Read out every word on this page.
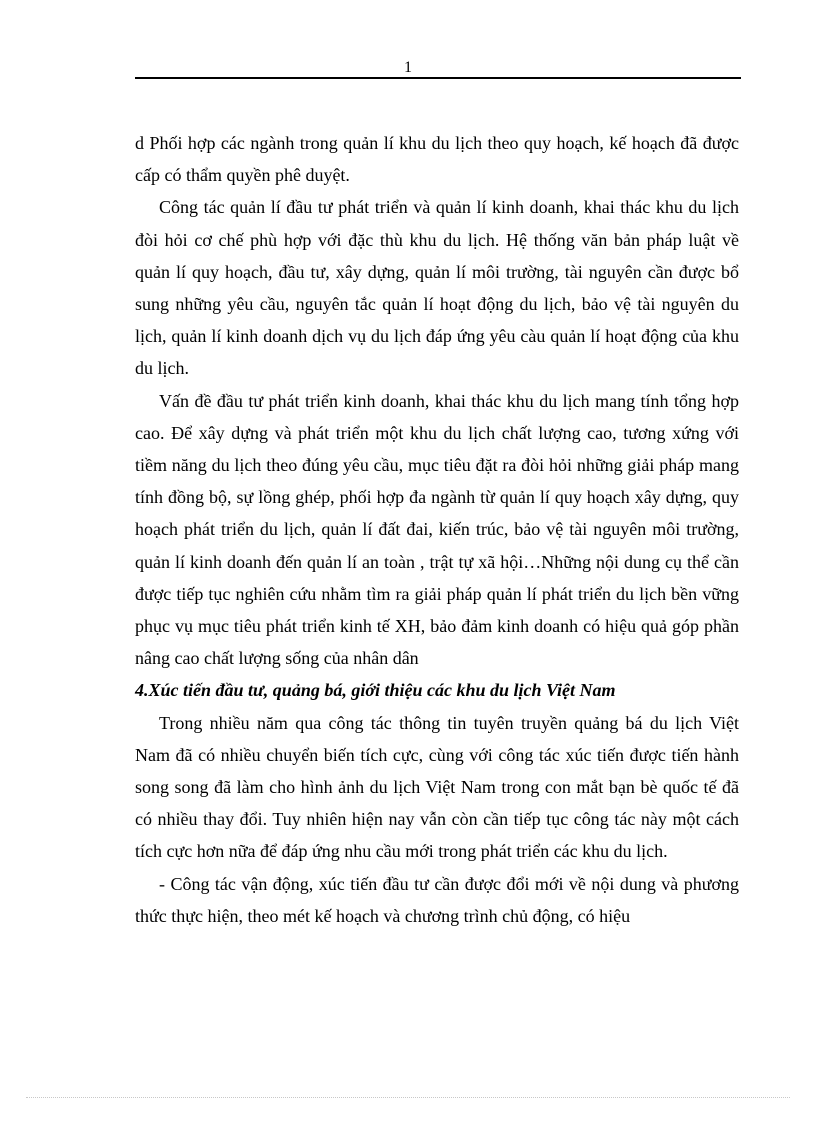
1

d Phối hợp các ngành trong quản lí khu du lịch theo quy hoạch, kế hoạch đã được cấp có thẩm quyền phê duyệt.

Công tác quản lí đầu tư phát triển và quản lí kinh doanh, khai thác khu du lịch đòi hỏi cơ chế phù hợp với đặc thù khu du lịch. Hệ thống văn bản pháp luật về quản lí quy hoạch, đầu tư, xây dựng, quản lí môi trường, tài nguyên cần được bổ sung những yêu cầu, nguyên tắc quản lí hoạt động du lịch, bảo vệ tài nguyên du lịch, quản lí kinh doanh dịch vụ du lịch đáp ứng yêu càu quản lí hoạt động của khu du lịch.

Vấn đề đầu tư phát triển kinh doanh, khai thác khu du lịch mang tính tổng hợp cao. Để xây dựng và phát triển một khu du lịch chất lượng cao, tương xứng với tiềm năng du lịch theo đúng yêu cầu, mục tiêu đặt ra đòi hỏi những giải pháp mang tính đồng bộ, sự lồng ghép, phối hợp đa ngành từ quản lí quy hoạch xây dựng, quy hoạch phát triển du lịch, quản lí đất đai, kiến trúc, bảo vệ tài nguyên môi trường, quản lí kinh doanh đến quản lí an toàn , trật tự xã hội…Những nội dung cụ thể cần được tiếp tục nghiên cứu nhằm tìm ra giải pháp quản lí phát triển du lịch bền vững phục vụ mục tiêu phát triển kinh tế XH, bảo đảm kinh doanh có hiệu quả góp phần nâng cao chất lượng sống của nhân dân

4.Xúc tiến đầu tư, quảng bá, giới thiệu các khu du lịch Việt Nam

Trong nhiều năm qua công tác thông tin tuyên truyền quảng bá du lịch Việt Nam đã có nhiều chuyển biến tích cực, cùng với công tác xúc tiến được tiến hành song song đã làm cho hình ảnh du lịch Việt Nam trong con mắt bạn bè quốc tế đã có nhiều thay đổi. Tuy nhiên hiện nay vẫn còn cần tiếp tục công tác này một cách tích cực hơn nữa để đáp ứng nhu cầu mới trong phát triển các khu du lịch.

- Công tác vận động, xúc tiến đầu tư cần được đổi mới về nội dung và phương thức thực hiện, theo mét kế hoạch và chương trình chủ động, có hiệu
